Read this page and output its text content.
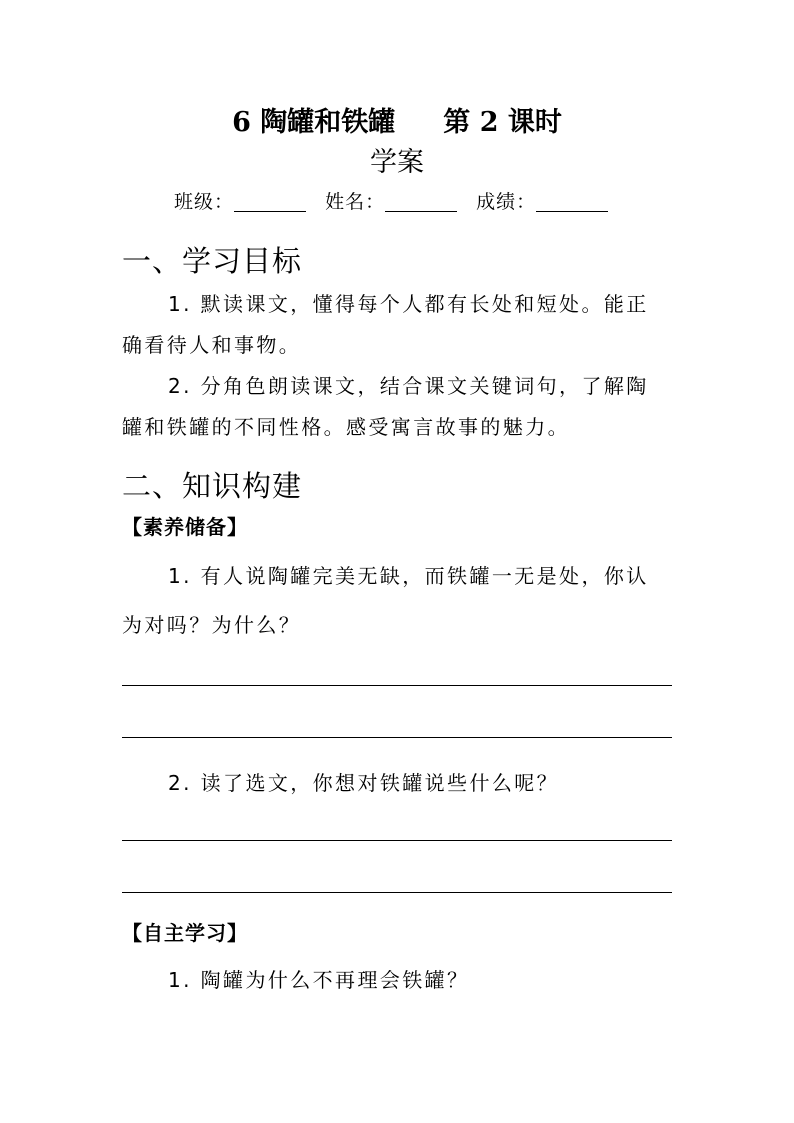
6 陶罐和铁罐 第 2 课时
学案
班级：	姓名：	成绩：
一、学习目标
1. 默读课文，懂得每个人都有长处和短处。能正
确看待人和事物。
2. 分角色朗读课文，结合课文关键词句，了解陶
罐和铁罐的不同性格。感受寓言故事的魅力。
二、知识构建
【素养储备】
1. 有人说陶罐完美无缺，而铁罐一无是处，你认
为对吗？为什么？
2. 读了选文，你想对铁罐说些什么呢？
【自主学习】
1. 陶罐为什么不再理会铁罐？
